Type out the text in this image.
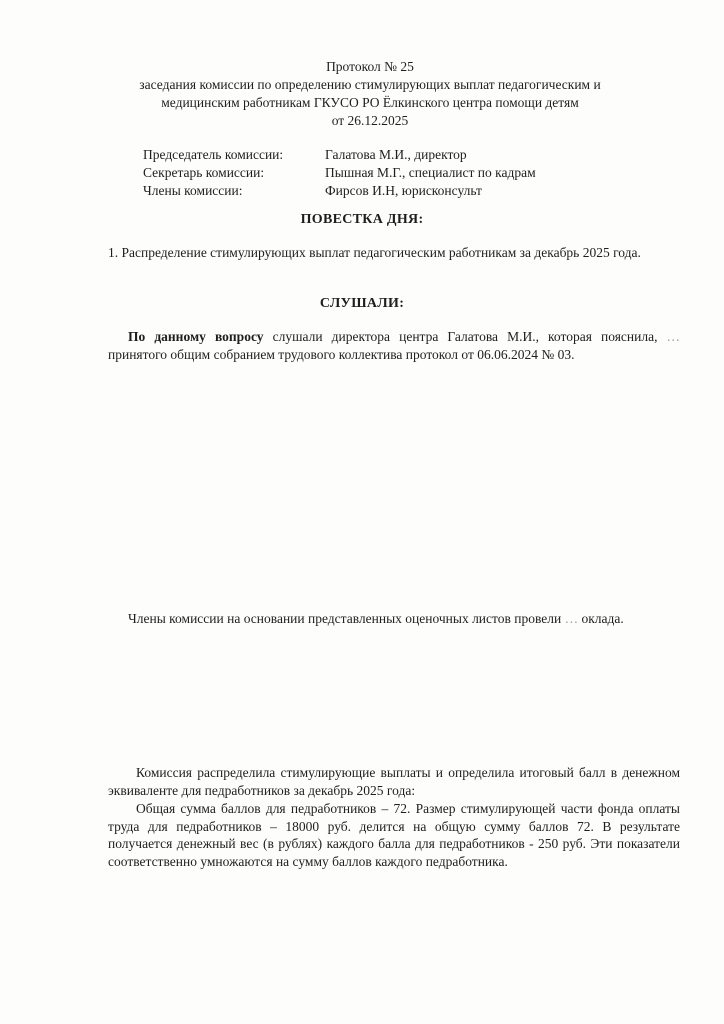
Протокол № 25
заседания комиссии по определению стимулирующих выплат педагогическим и
медицинским работникам ГКУСО РО Ёлкинского центра помощи детям
от 26.12.2025
Председатель комиссии:	Галатова М.И., директор
Секретарь комиссии:	Пышная М.Г., специалист по кадрам
Члены комиссии:	Фирсов И.Н, юрисконсульт
ПОВЕСТКА ДНЯ:
1. Распределение стимулирующих выплат педагогическим работникам за декабрь 2025 года.
СЛУШАЛИ:
По данному вопросу слушали директора центра Галатова М.И., которая пояснила, … принятого общим собранием трудового коллектива протокол от 06.06.2024 № 03.
Члены комиссии на основании представленных оценочных листов провели … оклада.
Комиссия распределила стимулирующие выплаты и определила итоговый балл в денежном эквиваленте для педработников за декабрь 2025 года:
Общая сумма баллов для педработников – 72. Размер стимулирующей части фонда оплаты труда для педработников – 18000 руб. делится на общую сумму баллов 72. В результате получается денежный вес (в рублях) каждого балла для педработников - 250 руб. Эти показатели соответственно умножаются на сумму баллов каждого педработника.
